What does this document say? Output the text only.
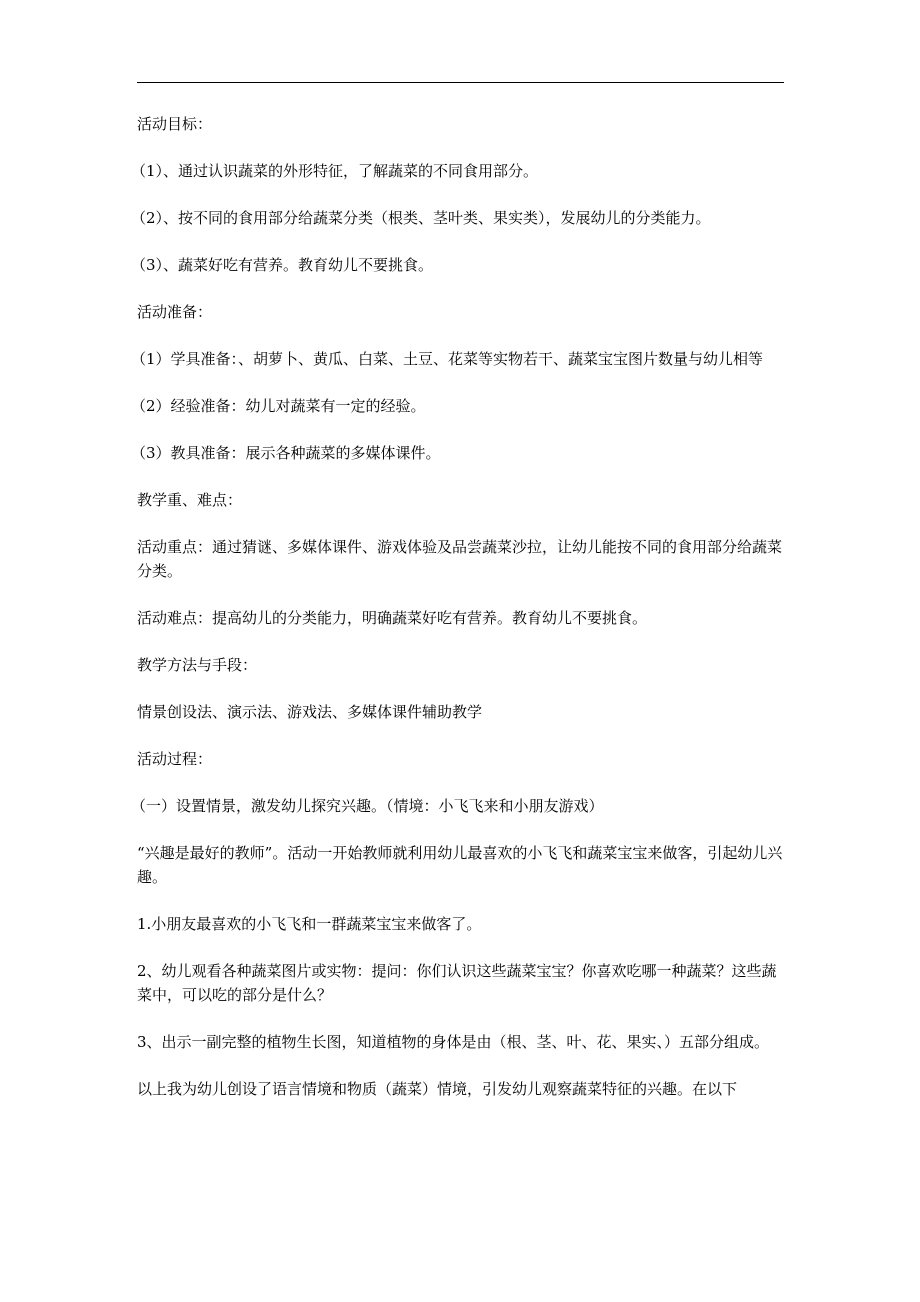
活动目标：

（1）、通过认识蔬菜的外形特征，了解蔬菜的不同食用部分。

（2）、按不同的食用部分给蔬菜分类（根类、茎叶类、果实类），发展幼儿的分类能力。

（3）、蔬菜好吃有营养。教育幼儿不要挑食。

活动准备：

（1）学具准备：、胡萝卜、黄瓜、白菜、土豆、花菜等实物若干、蔬菜宝宝图片数量与幼儿相等

（2）经验准备：幼儿对蔬菜有一定的经验。

（3）教具准备：展示各种蔬菜的多媒体课件。

教学重、难点：

活动重点：通过猜谜、多媒体课件、游戏体验及品尝蔬菜沙拉，让幼儿能按不同的食用部分给蔬菜分类。

活动难点：提高幼儿的分类能力，明确蔬菜好吃有营养。教育幼儿不要挑食。

教学方法与手段：

情景创设法、演示法、游戏法、多媒体课件辅助教学

活动过程：

（一）设置情景，激发幼儿探究兴趣。（情境：小飞飞来和小朋友游戏）

“兴趣是最好的教师”。活动一开始教师就利用幼儿最喜欢的小飞飞和蔬菜宝宝来做客，引起幼儿兴趣。

1.小朋友最喜欢的小飞飞和一群蔬菜宝宝来做客了。

2、幼儿观看各种蔬菜图片或实物：提问：你们认识这些蔬菜宝宝？你喜欢吃哪一种蔬菜？这些蔬菜中，可以吃的部分是什么？

3、出示一副完整的植物生长图，知道植物的身体是由（根、茎、叶、花、果实、）五部分组成。

以上我为幼儿创设了语言情境和物质（蔬菜）情境，引发幼儿观察蔬菜特征的兴趣。在以下
